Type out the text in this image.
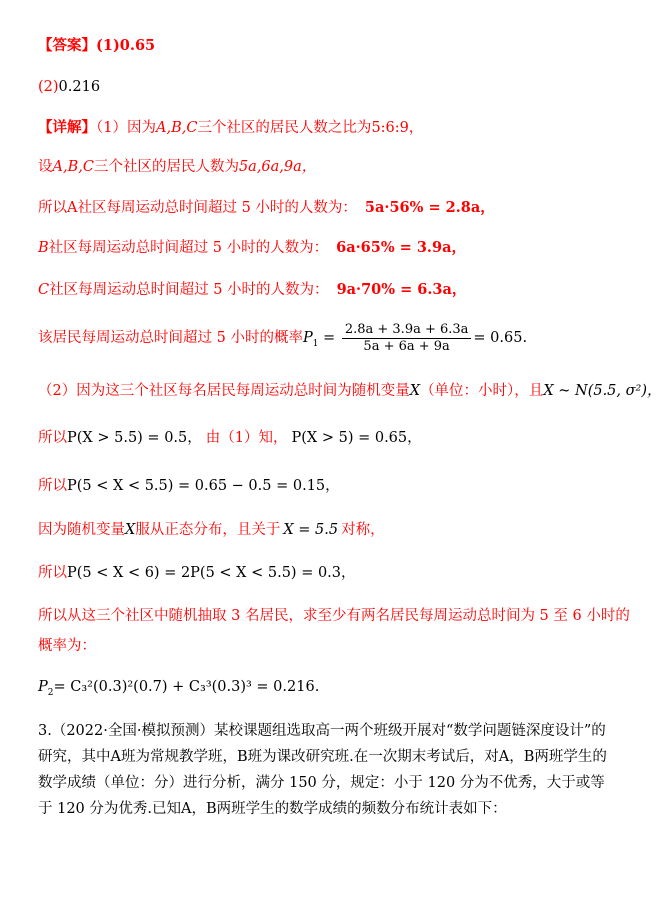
【答案】(1)0.65
(2)0.216
【详解】（1）因为A,B,C三个社区的居民人数之比为5:6:9，
设A,B,C三个社区的居民人数为5a,6a,9a，
所以A社区每周运动总时间超过 5 小时的人数为： 5a·56% = 2.8a，
B社区每周运动总时间超过 5 小时的人数为： 6a·65% = 3.9a，
C社区每周运动总时间超过 5 小时的人数为： 9a·70% = 6.3a，
该居民每周运动总时间超过 5 小时的概率$P_1 = \frac{2.8a + 3.9a + 6.3a}{5a + 6a + 9a} = 0.65$.
（2）因为这三个社区每名居民每周运动总时间为随机变量X（单位：小时），且X ~ N(5.5, σ²)，
所以P(X > 5.5) = 0.5， 由（1）知， P(X > 5) = 0.65，
所以P(5 < X < 5.5) = 0.65 − 0.5 = 0.15，
因为随机变量X服从正态分布，且关于 X = 5.5 对称，
所以P(5 < X < 6) = 2P(5 < X < 5.5) = 0.3，
所以从这三个社区中随机抽取 3 名居民，求至少有两名居民每周运动总时间为 5 至 6 小时的
概率为：
$P_2= C_3^2(0.3)^2(0.7) + C_3^3(0.3)^3 = 0.216$.
3.（2022·全国·模拟预测）某校课题组选取高一两个班级开展对“数学问题链深度设计”的研究，其中A班为常规教学班，B班为课改研究班.在一次期末考试后，对A，B两班学生的数学成绩（单位：分）进行分析，满分 150 分，规定：小于 120 分为不优秀，大于或等于 120 分为优秀.已知A，B两班学生的数学成绩的频数分布统计表如下：
